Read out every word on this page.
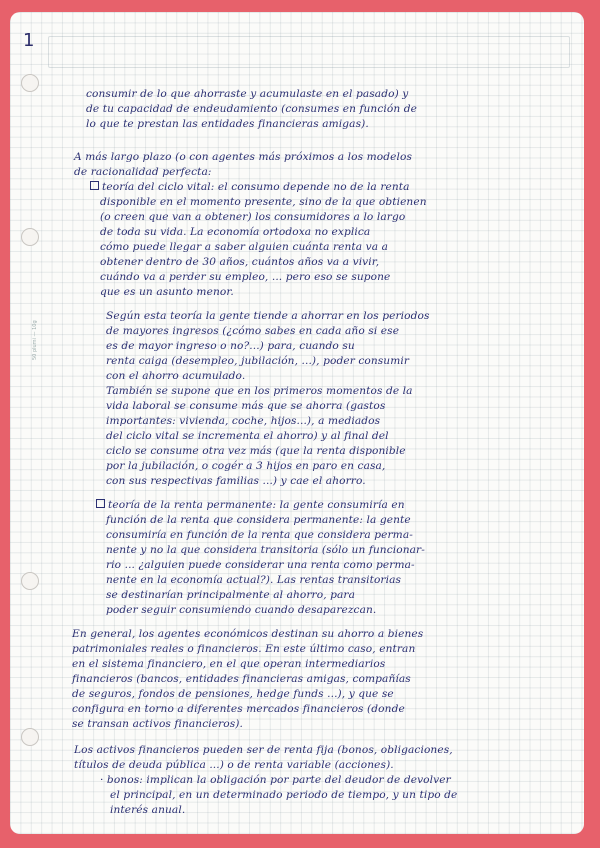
1
50 plumi — 10g
consumir de lo que ahorraste y acumulaste en el pasado) y
de tu capacidad de endeudamiento (consumes en función de
lo que te prestan las entidades financieras amigas).
A más largo plazo (o con agentes más próximos a los modelos
de racionalidad perfecta:
teoría del ciclo vital: el consumo depende no de la renta
disponible en el momento presente, sino de la que obtienen
(o creen que van a obtener) los consumidores a lo largo
de toda su vida. La economía ortodoxa no explica
cómo puede llegar a saber alguien cuánta renta va a
obtener dentro de 30 años, cuántos años va a vivir,
cuándo va a perder su empleo, ... pero eso se supone
que es un asunto menor.
Según esta teoría la gente tiende a ahorrar en los periodos
de mayores ingresos (¿cómo sabes en cada año si ese
es de mayor ingreso o no?...) para, cuando su
renta caiga (desempleo, jubilación, ...), poder consumir
con el ahorro acumulado.
También se supone que en los primeros momentos de la
vida laboral se consume más que se ahorra (gastos
importantes: vivienda, coche, hijos...), a mediados
del ciclo vital se incrementa el ahorro) y al final del
ciclo se consume otra vez más (que la renta disponible
por la jubilación, o cogér a 3 hijos en paro en casa,
con sus respectivas familias ...) y cae el ahorro.
teoría de la renta permanente: la gente consumiría en
función de la renta que considera permanente: la gente
consumiría en función de la renta que considera perma-
nente y no la que considera transitoria (sólo un funcionar-
rio ... ¿alguien puede considerar una renta como perma-
nente en la economía actual?). Las rentas transitorias
se destinarían principalmente al ahorro, para
poder seguir consumiendo cuando desaparezcan.
En general, los agentes económicos destinan su ahorro a bienes
patrimoniales reales o financieros. En este último caso, entran
en el sistema financiero, en el que operan intermediarios
financieros (bancos, entidades financieras amigas, compañías
de seguros, fondos de pensiones, hedge funds ...), y que se
configura en torno a diferentes mercados financieros (donde
se transan activos financieros).
Los activos financieros pueden ser de renta fija (bonos, obligaciones,
títulos de deuda pública ...) o de renta variable (acciones).
· bonos: implican la obligación por parte del deudor de devolver
el principal, en un determinado periodo de tiempo, y un tipo de
interés anual.
